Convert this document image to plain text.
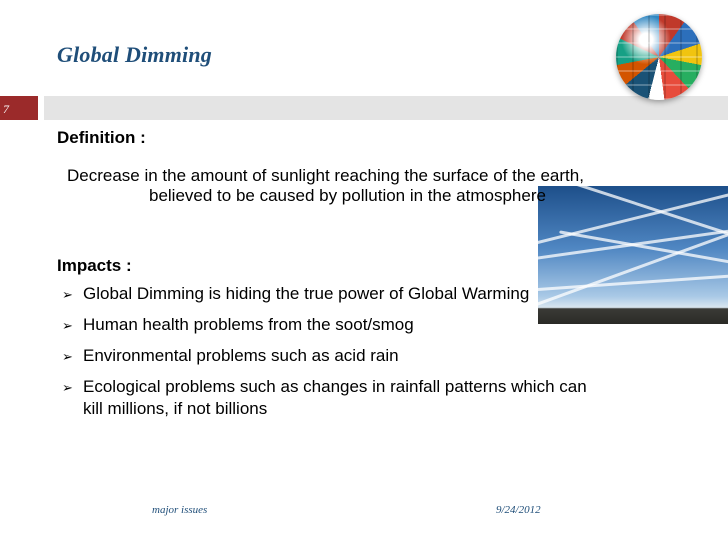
7
Global Dimming
Definition :
Decrease in the amount of sunlight reaching the surface of the earth,
believed to be caused by pollution in the atmosphere
Impacts :
➢ Global Dimming is hiding the true power of Global Warming
➢ Human health problems from the soot/smog
➢ Environmental problems such as acid rain
➢ Ecological problems such as changes in rainfall patterns which can
kill millions, if not billions
major issues	9/24/2012
